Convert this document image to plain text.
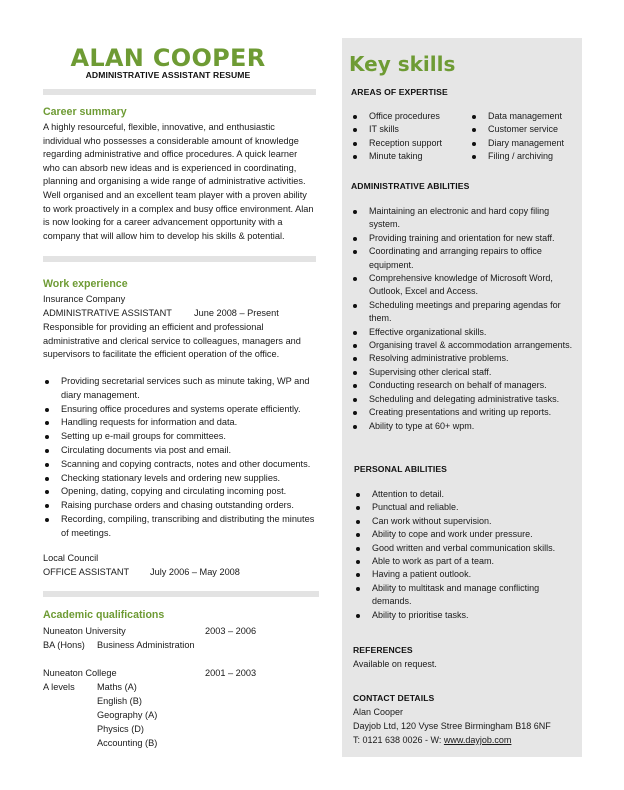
ALAN COOPER
ADMINISTRATIVE ASSISTANT RESUME
Career summary
A highly resourceful, flexible, innovative, and enthusiastic individual who possesses a considerable amount of knowledge regarding administrative and office procedures. A quick learner who can absorb new ideas and is experienced in coordinating, planning and organising a wide range of administrative activities. Well organised and an excellent team player with a proven ability to work proactively in a complex and busy office environment. Alan is now looking for a career advancement opportunity with a company that will allow him to develop his skills & potential.
Work experience
Insurance Company
ADMINISTRATIVE ASSISTANT June 2008 – Present
Responsible for providing an efficient and professional administrative and clerical service to colleagues, managers and supervisors to facilitate the efficient operation of the office.
Providing secretarial services such as minute taking, WP and diary management.
Ensuring office procedures and systems operate efficiently.
Handling requests for information and data.
Setting up e-mail groups for committees.
Circulating documents via post and email.
Scanning and copying contracts, notes and other documents.
Checking stationary levels and ordering new supplies.
Opening, dating, copying and circulating incoming post.
Raising purchase orders and chasing outstanding orders.
Recording, compiling, transcribing and distributing the minutes of meetings.
Local Council
OFFICE ASSISTANT July 2006 – May 2008
Academic qualifications
Nuneaton University	2003 – 2006
BA (Hons) Business Administration
Nuneaton College	2001 – 2003
A levels Maths (A)
English (B)
Geography (A)
Physics (D)
Accounting (B)
Key skills
AREAS OF EXPERTISE
Office procedures
IT skills
Reception support
Minute taking
Data management
Customer service
Diary management
Filing / archiving
ADMINISTRATIVE ABILITIES
Maintaining an electronic and hard copy filing system.
Providing training and orientation for new staff.
Coordinating and arranging repairs to office equipment.
Comprehensive knowledge of Microsoft Word, Outlook, Excel and Access.
Scheduling meetings and preparing agendas for them.
Effective organizational skills.
Organising travel & accommodation arrangements.
Resolving administrative problems.
Supervising other clerical staff.
Conducting research on behalf of managers.
Scheduling and delegating administrative tasks.
Creating presentations and writing up reports.
Ability to type at 60+ wpm.
PERSONAL ABILITIES
Attention to detail.
Punctual and reliable.
Can work without supervision.
Ability to cope and work under pressure.
Good written and verbal communication skills.
Able to work as part of a team.
Having a patient outlook.
Ability to multitask and manage conflicting demands.
Ability to prioritise tasks.
REFERENCES
Available on request.
CONTACT DETAILS
Alan Cooper
Dayjob Ltd, 120 Vyse Stree Birmingham B18 6NF
T: 0121 638 0026 - W: www.dayjob.com
